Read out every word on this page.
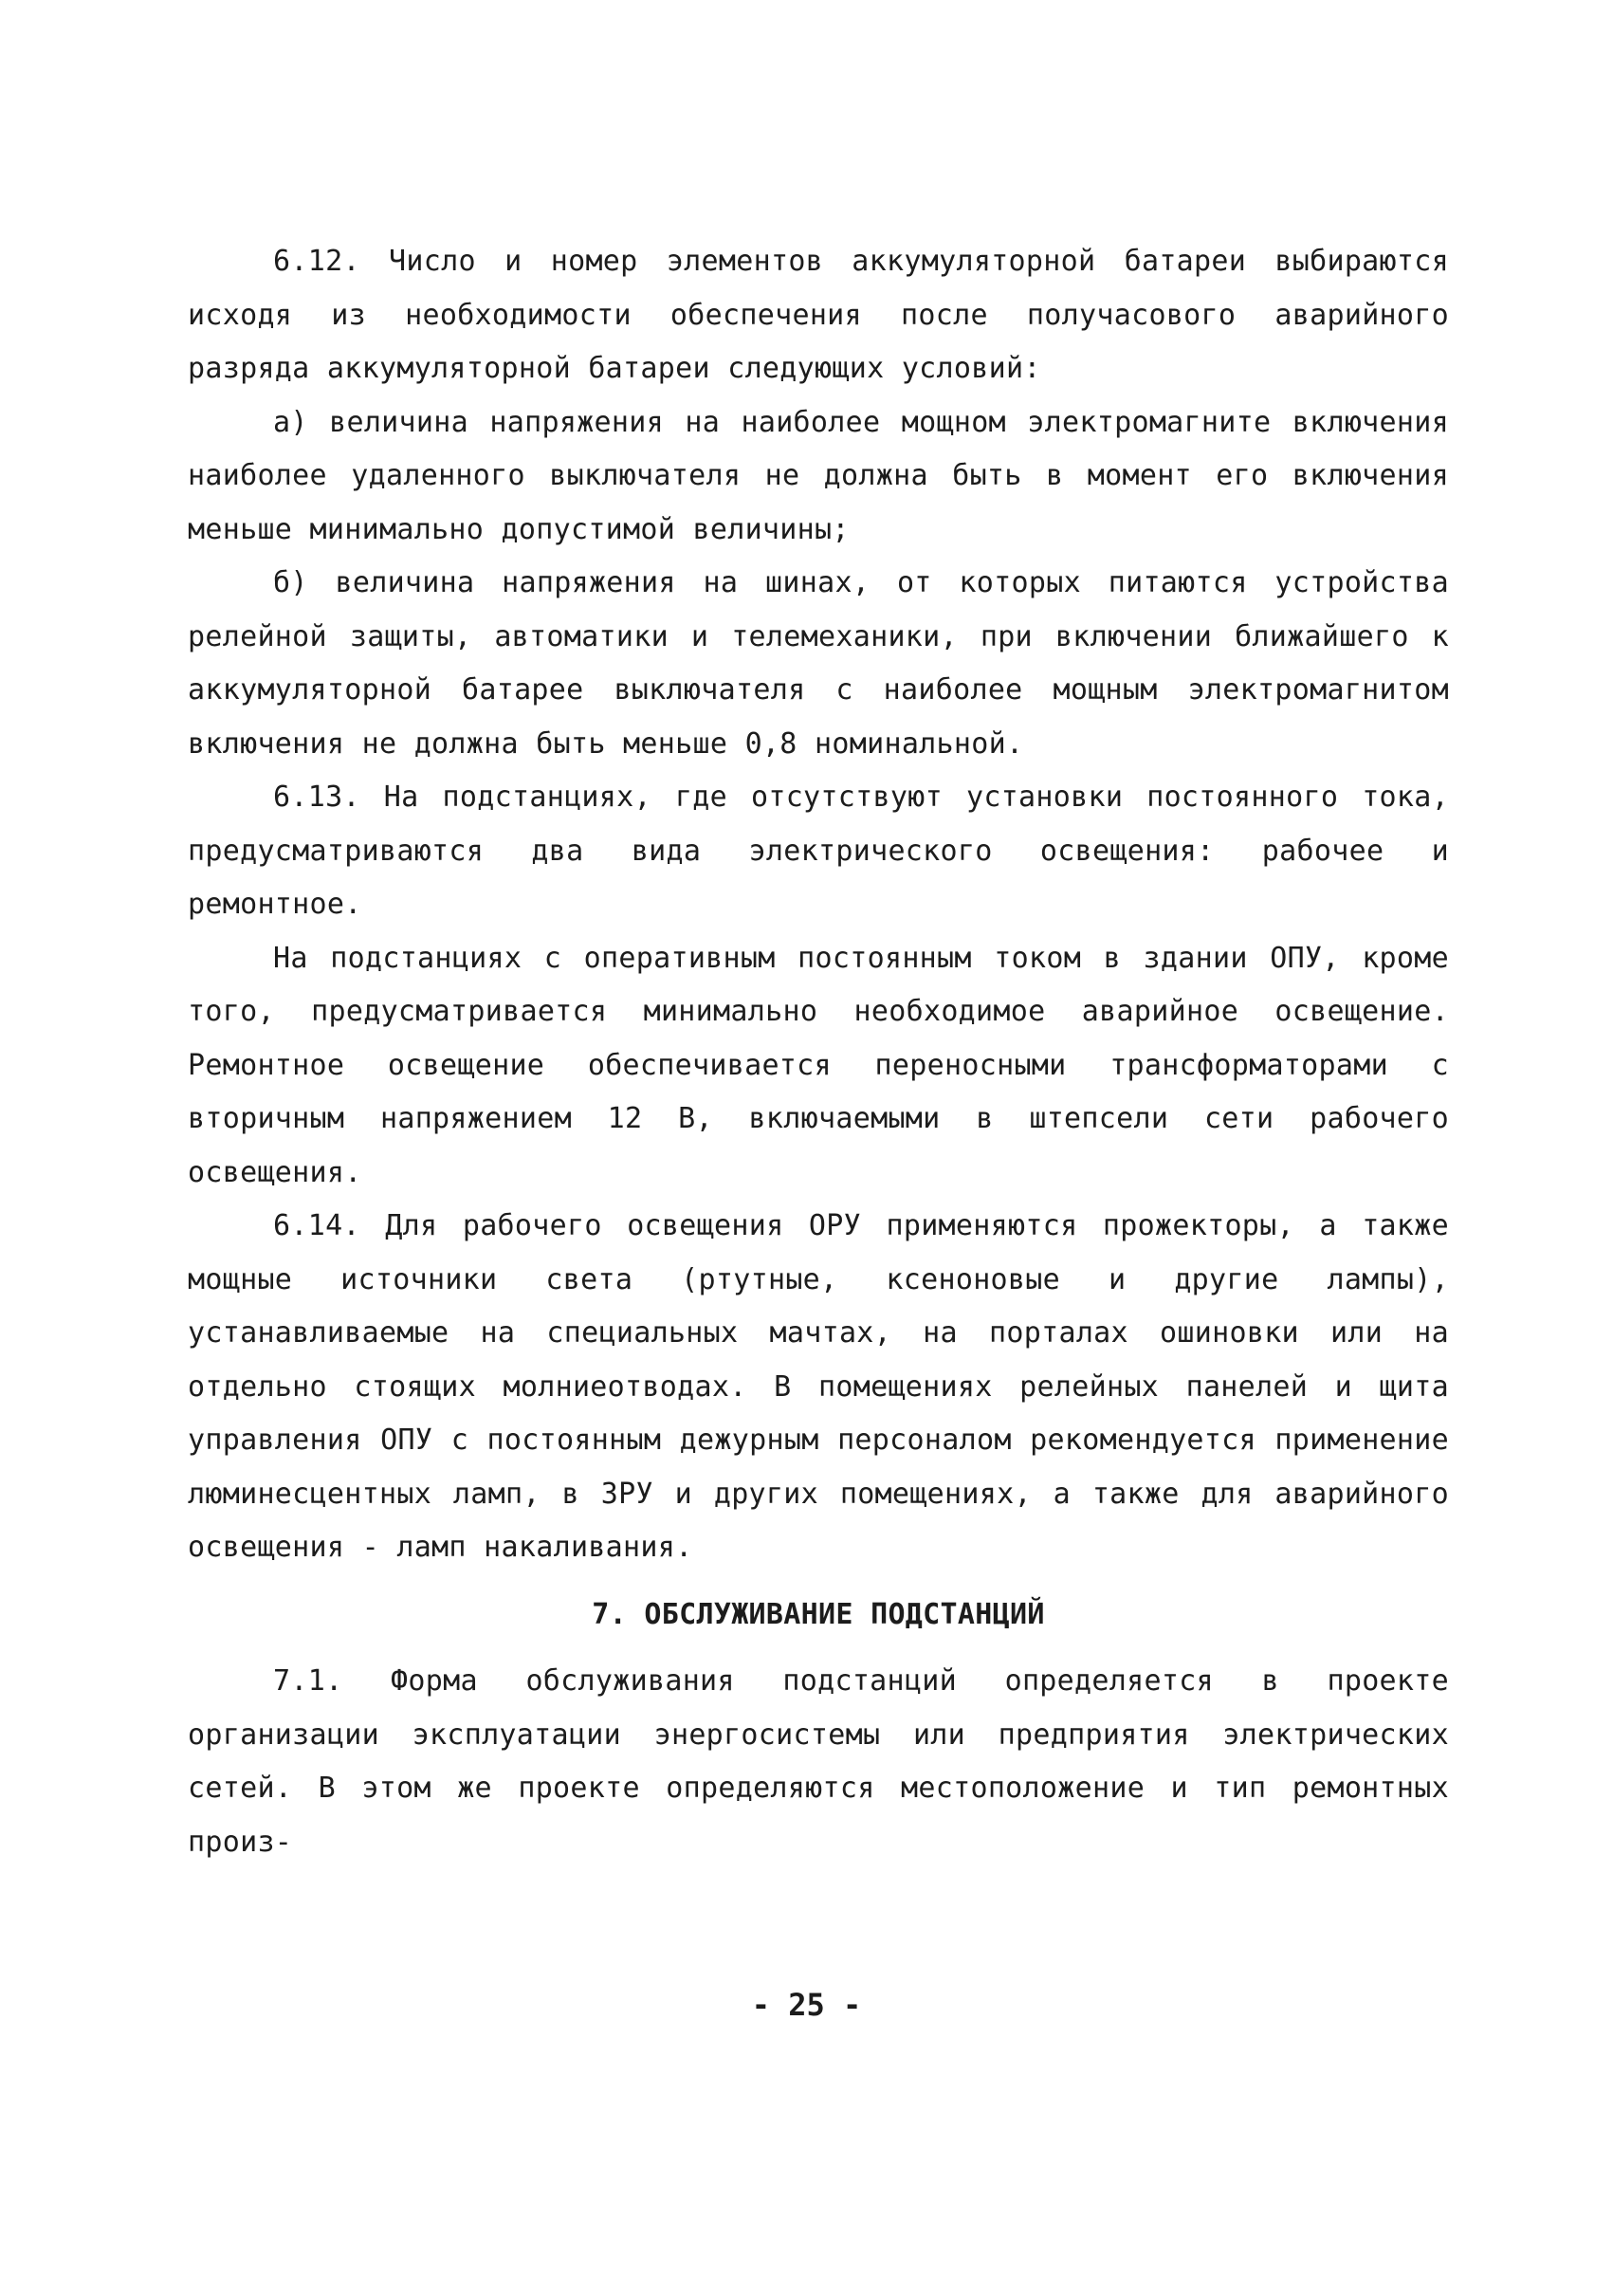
6.12. Число и номер элементов аккумуляторной батареи выбираются исходя из необходимости обеспечения после получасового аварийного разряда аккумуляторной батареи следующих условий:

а) величина напряжения на наиболее мощном электромагните включения наиболее удаленного выключателя не должна быть в момент его включения меньше минимально допустимой величины;

б) величина напряжения на шинах, от которых питаются устройства релейной защиты, автоматики и телемеханики, при включении ближайшего к аккумуляторной батарее выключателя с наиболее мощным электромагнитом включения не должна быть меньше 0,8 номинальной.

6.13. На подстанциях, где отсутствуют установки постоянного тока, предусматриваются два вида электрического освещения: рабочее и ремонтное.

На подстанциях с оперативным постоянным током в здании ОПУ, кроме того, предусматривается минимально необходимое аварийное освещение. Ремонтное освещение обеспечивается переносными трансформаторами с вторичным напряжением 12 В, включаемыми в штепсели сети рабочего освещения.

6.14. Для рабочего освещения ОРУ применяются прожекторы, а также мощные источники света (ртутные, ксеноновые и другие лампы), устанавливаемые на специальных мачтах, на порталах ошиновки или на отдельно стоящих молниеотводах. В помещениях релейных панелей и щита управления ОПУ с постоянным дежурным персоналом рекомендуется применение люминесцентных ламп, в ЗРУ и других помещениях, а также для аварийного освещения - ламп накаливания.

7. ОБСЛУЖИВАНИЕ ПОДСТАНЦИЙ

7.1. Форма обслуживания подстанций определяется в проекте организации эксплуатации энергосистемы или предприятия электрических сетей. В этом же проекте определяются местоположение и тип ремонтных произ-

- 25 -
